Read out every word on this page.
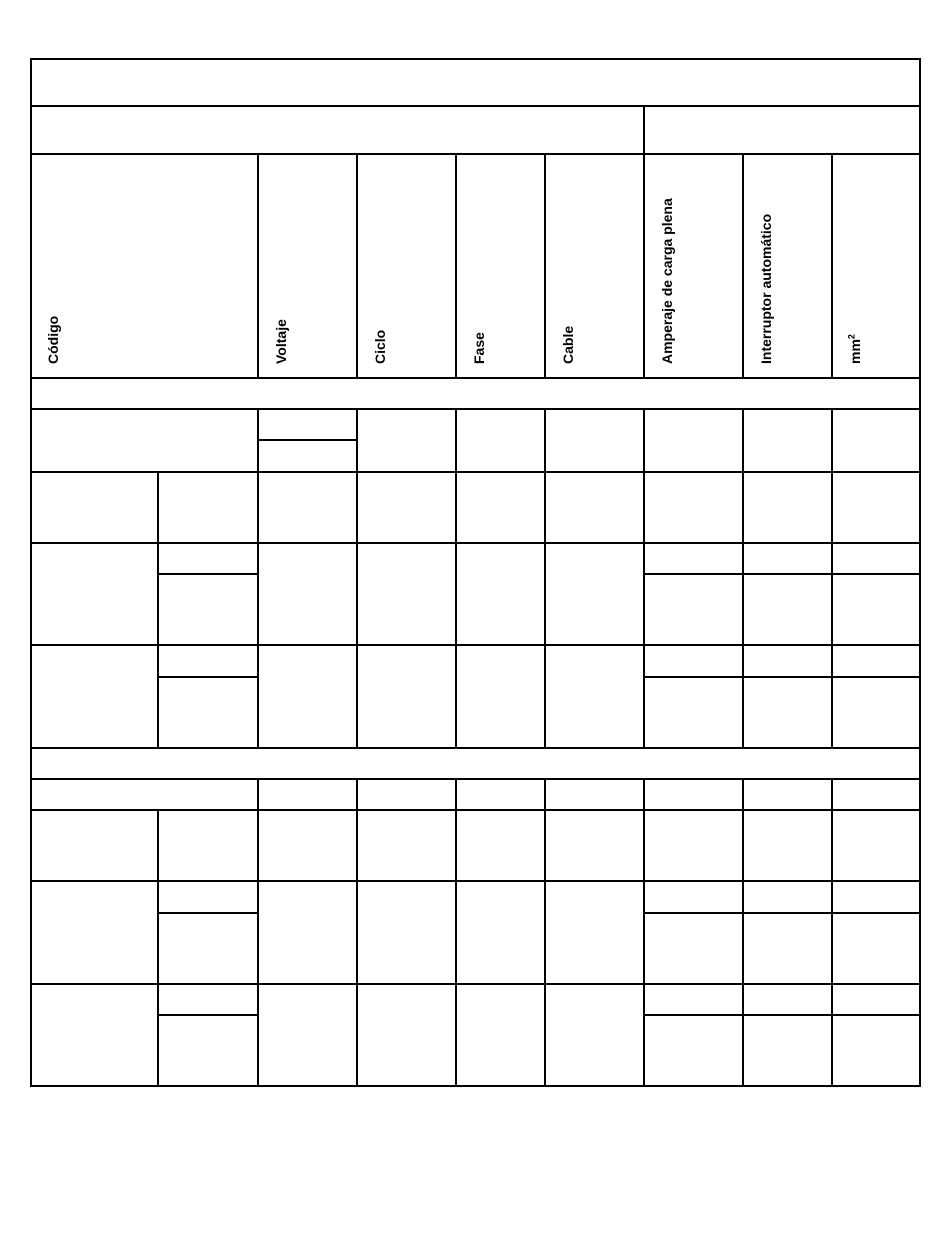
Código	Voltaje	Ciclo	Fase	Cable	Amperaje de carga plena	Interruptor automático	$mm^2$
